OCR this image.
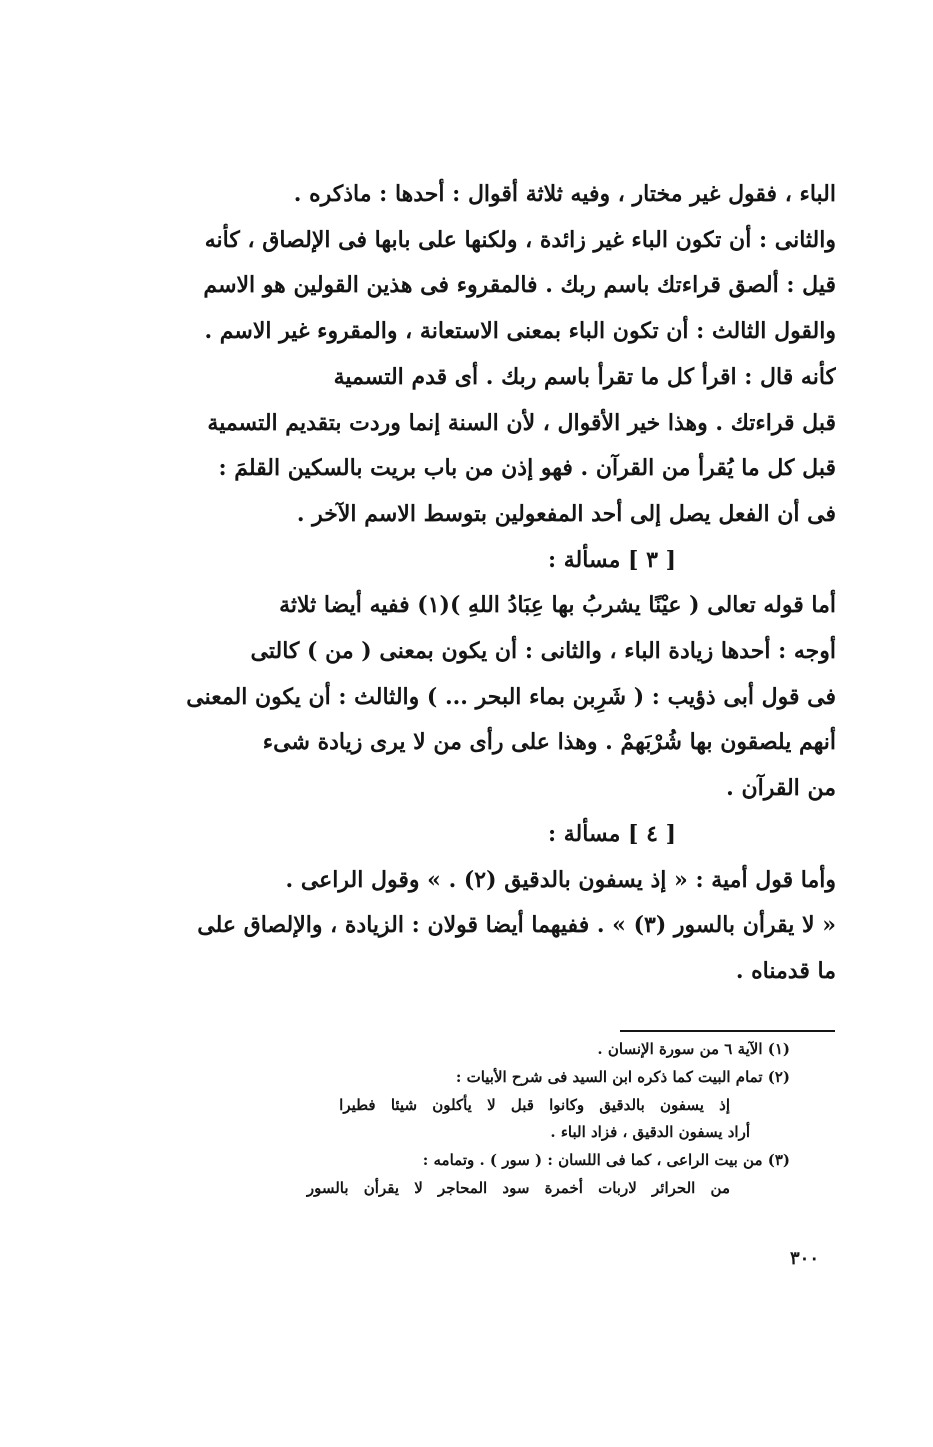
الباء ، فقول غير مختار ، وفيه ثلاثة أقوال : أحدها : ماذكره .
والثانى : أن تكون الباء غير زائدة ، ولكنها على بابها فى الإلصاق ، كأنه
قيل : ألصق قراءتك باسم ربك . فالمقروء فى هذين القولين هو الاسم
والقول الثالث : أن تكون الباء بمعنى الاستعانة ، والمقروء غير الاسم .
كأنه قال : اقرأ كل ما تقرأ باسم ربك . أى قدم التسمية
قبل قراءتك . وهذا خير الأقوال ، لأن السنة إنما وردت بتقديم التسمية
قبل كل ما يُقرأ من القرآن . فهو إذن من باب بريت بالسكين القلمَ :
فى أن الفعل يصل إلى أحد المفعولين بتوسط الاسم الآخر .
[ ٣ ] مسألة :
أما قوله تعالى ( عيْنًا يشربُ بها عِبَادُ اللهِ )(١) ففيه أيضا ثلاثة
أوجه : أحدها زيادة الباء ، والثانى : أن يكون بمعنى ( من ) كالتى
فى قول أبى ذؤيب : ( شَرِبن بماء البحر ... ) والثالث : أن يكون المعنى
أنهم يلصقون بها شُرْبَهمْ . وهذا على رأى من لا يرى زيادة شىء
من القرآن .
[ ٤ ] مسألة :
وأما قول أمية : « إذ يسفون بالدقيق (٢) . » وقول الراعى .
« لا يقرأن بالسور (٣) » . ففيهما أيضا قولان : الزيادة ، والإلصاق على
ما قدمناه .
(١) الآية ٦ من سورة الإنسان .
(٢) تمام البيت كما ذكره ابن السيد فى شرح الأبيات :
إذ يسفون بالدقيق وكانوا قبل لا يأكلون شيئا فطيرا
أراد يسفون الدقيق ، فزاد الباء .
(٣) من بيت الراعى ، كما فى اللسان : ( سور ) . وتمامه :
من الحرائر لاربات أخمرة سود المحاجر لا يقرأن بالسور
٣٠٠
